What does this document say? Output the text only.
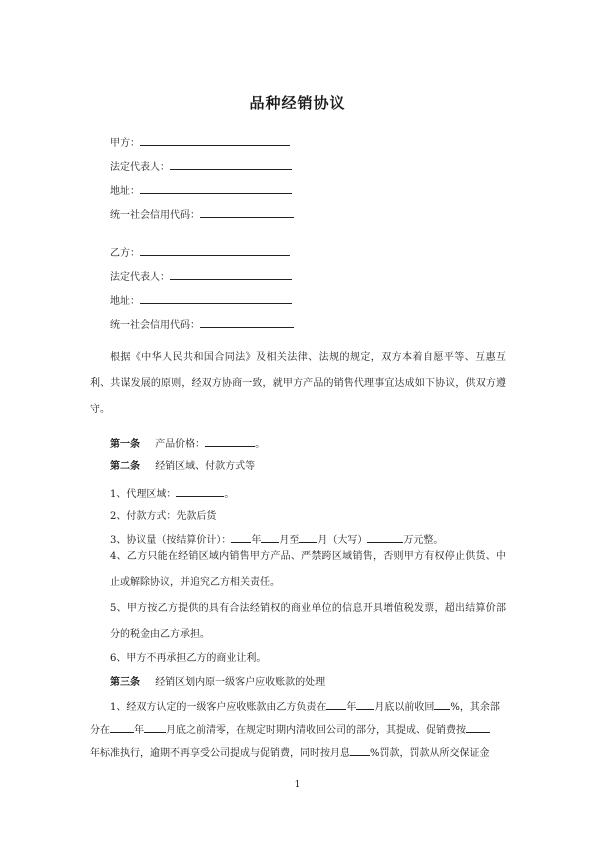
品种经销协议
甲方：
法定代表人：
地址：
统一社会信用代码：
乙方：
法定代表人：
地址：
统一社会信用代码：
根据《中华人民共和国合同法》及相关法律、法规的规定，双方本着自愿平等、互惠互利、共谋发展的原则，经双方协商一致，就甲方产品的销售代理事宜达成如下协议，供双方遵守。
第一条 产品价格：	。
第二条 经销区域、付款方式等
1、代理区域：	。
2、付款方式：先款后货
3、协议量（按结算价计）： 年 月至 月（大写）	万元整。
4、乙方只能在经销区域内销售甲方产品、严禁跨区域销售，否则甲方有权停止供货、中止或解除协议，并追究乙方相关责任。
5、甲方按乙方提供的具有合法经销权的商业单位的信息开具增值税发票，超出结算价部分的税金由乙方承担。
6、甲方不再承担乙方的商业让利。
第三条 经销区划内原一级客户应收账款的处理
1、经双方认定的一级客户应收账款由乙方负责在 年 月底以前收回 %，其余部
分在 年 月底之前清零，在规定时期内清收回公司的部分，其提成、促销费按
年标准执行，逾期不再享受公司提成与促销费，同时按月息 %罚款，罚款从所交保证金
1
